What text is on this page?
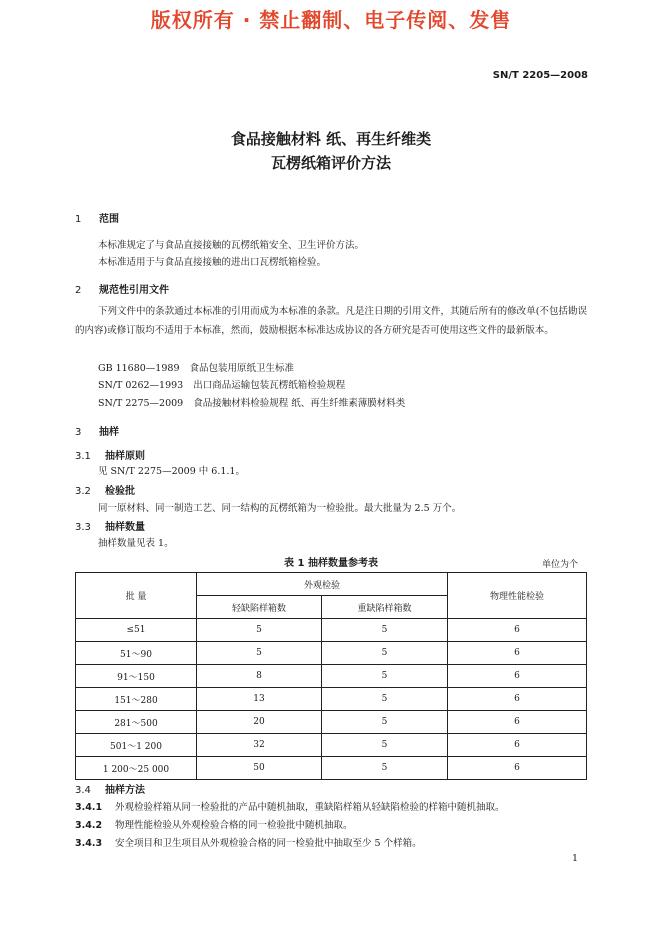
版权所有 · 禁止翻制、电子传阅、发售
SN/T 2205—2008
食品接触材料 纸、再生纤维类
瓦楞纸箱评价方法
1 范围
本标准规定了与食品直接接触的瓦楞纸箱安全、卫生评价方法。
本标准适用于与食品直接接触的进出口瓦楞纸箱检验。
2 规范性引用文件
下列文件中的条款通过本标准的引用而成为本标准的条款。凡是注日期的引用文件，其随后所有的修改单(不包括勘误的内容)或修订版均不适用于本标准，然而，鼓励根据本标准达成协议的各方研究是否可使用这些文件的最新版本。
GB 11680—1989 食品包装用原纸卫生标准
SN/T 0262—1993 出口商品运输包装瓦楞纸箱检验规程
SN/T 2275—2009 食品接触材料检验规程 纸、再生纤维素薄膜材料类
3 抽样
3.1 抽样原则
见 SN/T 2275—2009 中 6.1.1。
3.2 检验批
同一原材料、同一制造工艺、同一结构的瓦楞纸箱为一检验批。最大批量为 2.5 万个。
3.3 抽样数量
抽样数量见表 1。
表 1 抽样数量参考表	单位为个
批 量	外观检验		物理性能检验
	轻缺陷样箱数	重缺陷样箱数	
≤51	5	5	6
51～90	5	5	6
91～150	8	5	6
151～280	13	5	6
281～500	20	5	6
501～1 200	32	5	6
1 200～25 000	50	5	6
3.4 抽样方法
3.4.1 外观检验样箱从同一检验批的产品中随机抽取，重缺陷样箱从轻缺陷检验的样箱中随机抽取。
3.4.2 物理性能检验从外观检验合格的同一检验批中随机抽取。
3.4.3 安全项目和卫生项目从外观检验合格的同一检验批中抽取至少 5 个样箱。
1
